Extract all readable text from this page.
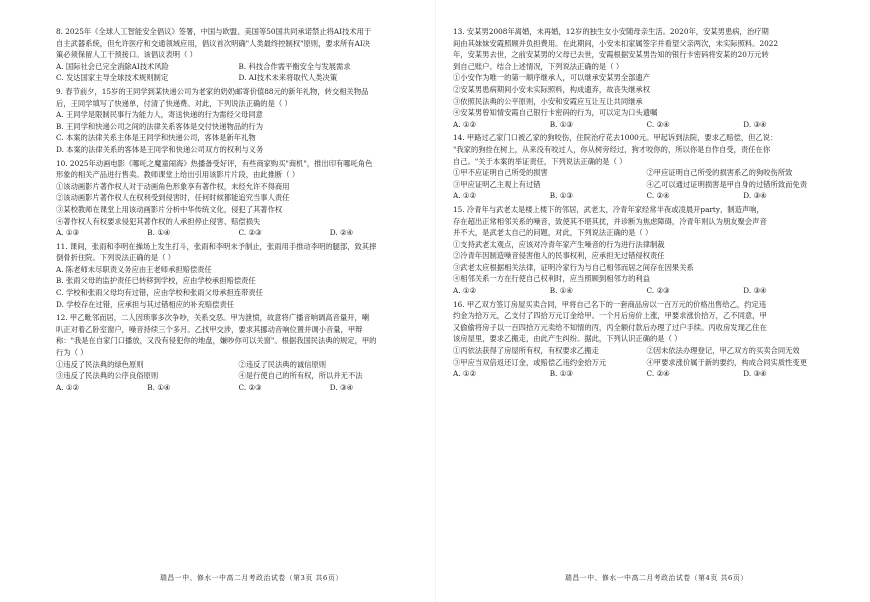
8. 2025年《全球人工智能安全倡议》签署，中国与欧盟、美国等50国共同承诺禁止将AI技术用于
自主武器系统，但允许医疗和交通领域应用，倡议首次明确"人类最终控制权"原则，要求所有AI决
策必须保留人工干预接口。该倡议表明（ ）
A. 国际社会已完全消除AI技术风险	B. 科技合作需平衡安全与发展需求
C. 发达国家主导全球技术规则制定	D. AI技术未来将取代人类决策
9. 春节前夕，15岁的王同学到某快递公司为老家的奶奶邮寄价值88元的新年礼物，转交相关物品
后，王同学填写了快递单，付清了快递费。对此，下列说法正确的是（ ）
A. 王同学是限制民事行为能力人，寄送快递的行为需经父母同意
B. 王同学和快递公司之间的法律关系客体是交付快递物品的行为
C. 本案的法律关系主体是王同学和快递公司，客体是新年礼物
D. 本案的法律关系的客体是王同学和快递公司双方的权利与义务
10. 2025年动画电影《哪吒之魔童闹海》热播备受好评，有些商家购买"商机"，推出印有哪吒角色
形象的相关产品进行售卖。教师课堂上给出引用该影片片段，由此推断（ ）
①该动画影片著作权人对于动画角色形象享有著作权，未经允许不得商用
②该动画影片著作权人在权利受到侵害时，任何时候都能追究当事人责任
③某校教师在课堂上用该动画影片分析中华传统文化，侵犯了其著作权
④著作权人有权要求侵犯其著作权的人承担停止侵害、赔偿损失
A. ①③	B. ①④	C. ②③	D. ②④
11. 课间，张雨和李明在操场上发生打斗，张雨和李明未予制止，张雨用手推动李明的腿部，致其摔
倒骨折住院。下列说法正确的是（ ）
A. 陈老师未尽职责义务应由王老师承担赔偿责任
B. 张雨父母的监护责任已转移到学校，应由学校承担赔偿责任
C. 学校和张雨父母均有过错，应由学校和张雨父母承担连带责任
D. 学校存在过错，应承担与其过错相应的补充赔偿责任
12. 甲乙毗邻而居，二人因琐事多次争吵，关系交恶。甲为泄愤，故意将广播音响调高音量开，喇
叭正对着乙卧室窗户，噪音持续三个多月。乙找甲交涉，要求其挪动音响位置并调小音量，甲辩
称："我是在自家门口播放，又没有侵犯你的地盘，嫌吵你可以关窗"。根据我国民法典的规定，甲的
行为（ ）
①违反了民法典的绿色原则	②违反了民法典的诚信原则
③违反了民法典的公序良俗原则	④是行使自己的所有权，所以并无不法
A. ①②	B. ①④	C. ②③	D. ③④
瑞昌一中、修水一中高二月考政治试卷（第3页 共6页）
13. 安某男2008年离婚，未再婚，12岁的独生女小安随母亲生活。2020年，安某男患病，治疗期
间由其妹妹安霞照顾并负担费用。在此期间，小安未扣家属签字并看望父亲两次，未实际照料。2022
年，安某男去世，之前安某男的父母已去世，安霞根据安某男告知的银行卡密码将安某的20万元转
到自己账户。结合上述情况，下列说法正确的是（ ）
①小安作为唯一的第一顺序继承人，可以继承安某男全部遗产
②安某男患病期间小安未实际照料，构成遗弃，故丧失继承权
③依照民法典的公平原则，小安和安霞应互让互让共同继承
④安某男曾知情安霞自己银行卡密码的行为，可以定为口头遗嘱
A. ①②	B. ①③	C. ②④	D. ③④
14. 甲路过乙家门口被乙家的狗咬伤，住院治疗花去1000元。甲起诉到法院，要求乙赔偿，但乙说：
"我家的狗拴在树上，从来没有咬过人，你从树旁经过，狗才咬你的，所以你是自作自受，责任在你
自己。"关于本案的举证责任，下列说法正确的是（ ）
①甲不应证明自己所受的损害	②甲应证明自己所受的损害系乙的狗咬伤所致
③甲应证明乙主观上有过错	④乙可以通过证明损害是甲自身的过错所致而免责
A. ①②	B. ①③	C. ②④	D. ③④
15. 冷青年与武老太是楼上楼下的邻居，武老太，冷青年家经常半夜或凌晨开party，制造声响，
存在超出正常相邻关系的噪音，致使其不堪其扰，并诊断为焦虑障碍，冷青年则认为朋友聚会声音
并不大，是武老太自己的问题，对此，下列说法正确的是（ ）
①支持武老太观点，应该对冷青年家产生噪音的行为进行法律制裁
②冷青年因制造噪音侵害他人的民事权利，应承担无过错侵权责任
③武老太应根据相关法律，证明冷家行为与自己相邻而居之间存在因果关系
④相邻关系一方在行使自己权利时，应当照顾到相邻方的利益
A. ①②	B. ①④	C. ②③	D. ③④
16. 甲乙双方签订房屋买卖合同，甲将自己名下的一套商品房以一百万元的价格出售给乙，约定违
约金为拾万元，乙支付了四拾万元订金给甲。一个月后房价上涨，甲要求涨价拾万，乙不同意，甲
又偷偷将房子以一百四拾万元卖给不知情的丙，丙全额付款后办理了过户手续。丙收房发现乙住在
该房屋里，要求乙搬走，由此产生纠纷。据此，下列认识正确的是（ ）
①丙依法获得了房屋所有权，有权要求乙搬走	②因未依法办理登记，甲乙双方的买卖合同无效
③甲应当双倍返还订金，或赔偿乙违约金拾万元	④甲要求涨价属于新的要约，构成合同实质性变更
A. ①②	B. ①③	C. ②④	D. ③④
瑞昌一中、修水一中高二月考政治试卷（第4页 共6页）
